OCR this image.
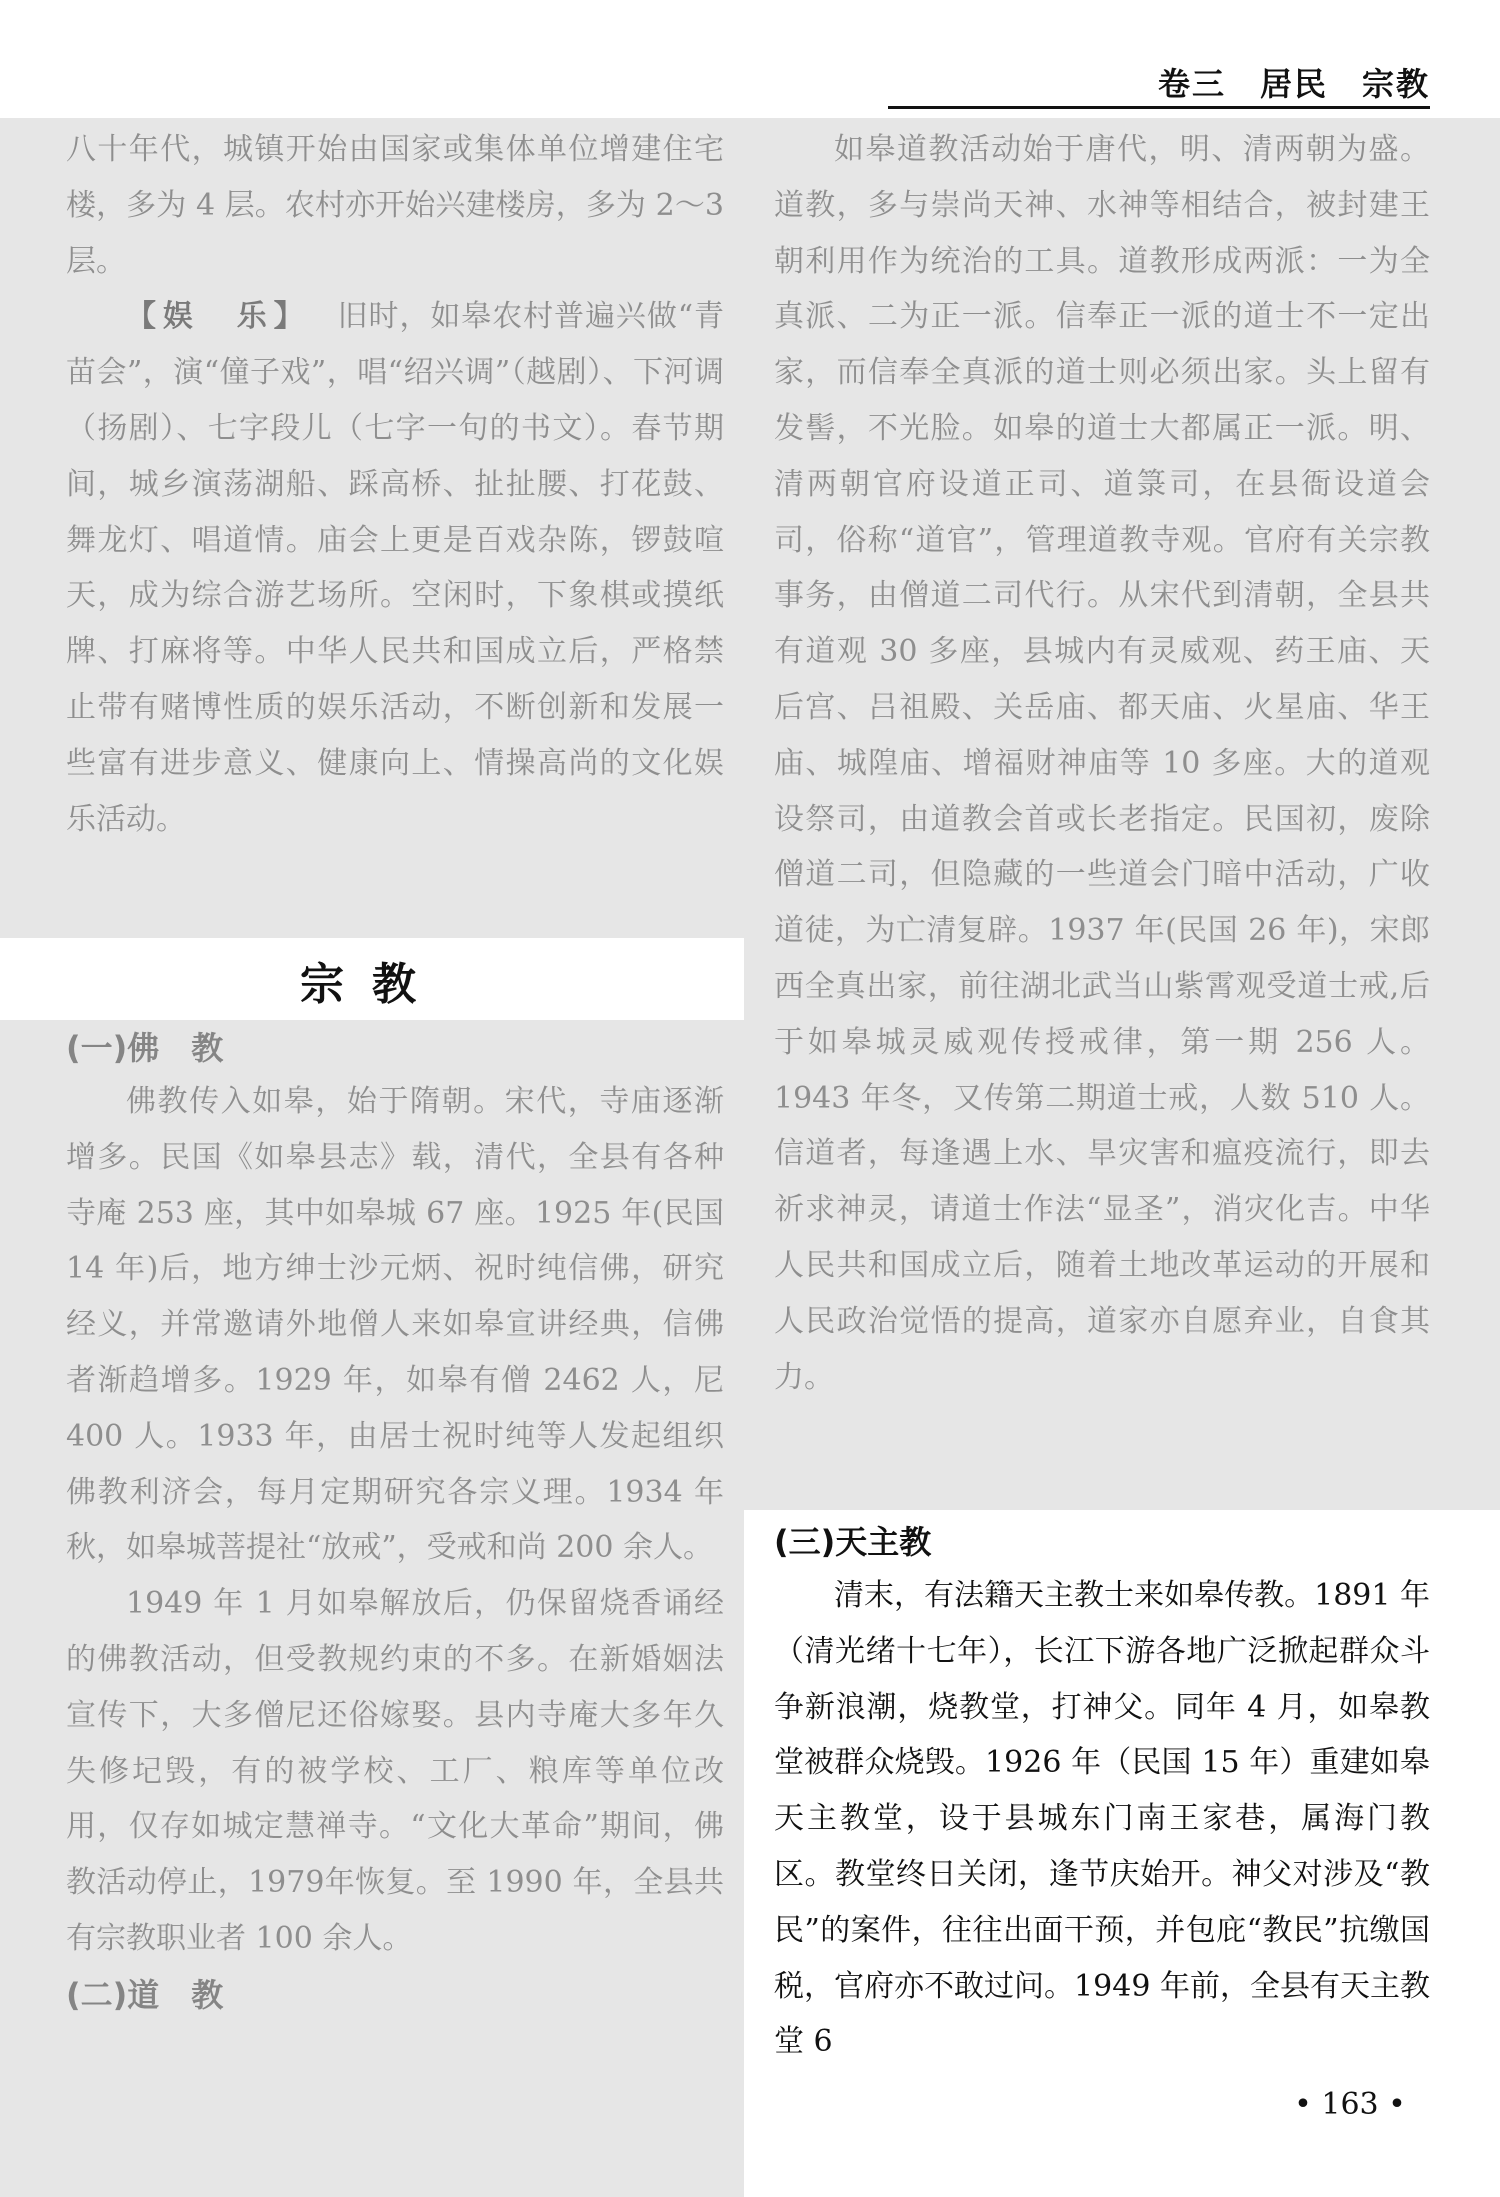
卷三　居民　宗教

八十年代，城镇开始由国家或集体单位增建住宅楼，多为 4 层。农村亦开始兴建楼房，多为 2～3层。

【娱　乐】 旧时，如皋农村普遍兴做“青苗会”，演“僮子戏”，唱“绍兴调”（越剧）、下河调（扬剧）、七字段儿（七字一句的书文）。春节期间，城乡演荡湖船、踩高桥、扯扯腰、打花鼓、舞龙灯、唱道情。庙会上更是百戏杂陈，锣鼓喧天，成为综合游艺场所。空闲时，下象棋或摸纸牌、打麻将等。中华人民共和国成立后，严格禁止带有赌博性质的娱乐活动，不断创新和发展一些富有进步意义、健康向上、情操高尚的文化娱乐活动。

宗教
(一)佛　教

佛教传入如皋，始于隋朝。宋代，寺庙逐渐增多。民国《如皋县志》载，清代，全县有各种寺庵 253 座，其中如皋城 67 座。1925 年(民国 14 年)后，地方绅士沙元炳、祝时纯信佛，研究经义，并常邀请外地僧人来如皋宣讲经典，信佛者渐趋增多。1929 年，如皋有僧 2462 人，尼 400 人。1933 年，由居士祝时纯等人发起组织佛教利济会，每月定期研究各宗义理。1934 年秋，如皋城菩提社“放戒”，受戒和尚 200 余人。

1949 年 1 月如皋解放后，仍保留烧香诵经的佛教活动，但受教规约束的不多。在新婚姻法宣传下，大多僧尼还俗嫁娶。县内寺庵大多年久失修圮毁，有的被学校、工厂、粮库等单位改用，仅存如城定慧禅寺。“文化大革命”期间，佛教活动停止，1979年恢复。至 1990 年，全县共有宗教职业者 100 余人。

(二)道　教

如皋道教活动始于唐代，明、清两朝为盛。道教，多与崇尚天神、水神等相结合，被封建王朝利用作为统治的工具。道教形成两派：一为全真派、二为正一派。信奉正一派的道士不一定出家，而信奉全真派的道士则必须出家。头上留有发髻，不光脸。如皋的道士大都属正一派。明、清两朝官府设道正司、道箓司，在县衙设道会司，俗称“道官”，管理道教寺观。官府有关宗教事务，由僧道二司代行。从宋代到清朝，全县共有道观 30 多座，县城内有灵威观、药王庙、天后宫、吕祖殿、关岳庙、都天庙、火星庙、华王庙、城隍庙、增福财神庙等 10 多座。大的道观设祭司，由道教会首或长老指定。民国初，废除僧道二司，但隐藏的一些道会门暗中活动，广收道徒，为亡清复辟。1937 年(民国 26 年)，宋郎西全真出家，前往湖北武当山紫霄观受道士戒,后于如皋城灵威观传授戒律，第一期 256 人。1943 年冬，又传第二期道士戒，人数 510 人。信道者，每逢遇上水、旱灾害和瘟疫流行，即去祈求神灵，请道士作法“显圣”，消灾化吉。中华人民共和国成立后，随着土地改革运动的开展和人民政治觉悟的提高，道家亦自愿弃业，自食其力。

(三)天主教

清末，有法籍天主教士来如皋传教。1891 年（清光绪十七年），长江下游各地广泛掀起群众斗争新浪潮，烧教堂，打神父。同年 4 月，如皋教堂被群众烧毁。1926 年（民国 15 年）重建如皋天主教堂，设于县城东门南王家巷，属海门教区。教堂终日关闭，逢节庆始开。神父对涉及“教民”的案件，往往出面干预，并包庇“教民”抗缴国税，官府亦不敢过问。1949 年前，全县有天主教堂 6

• 163 •
